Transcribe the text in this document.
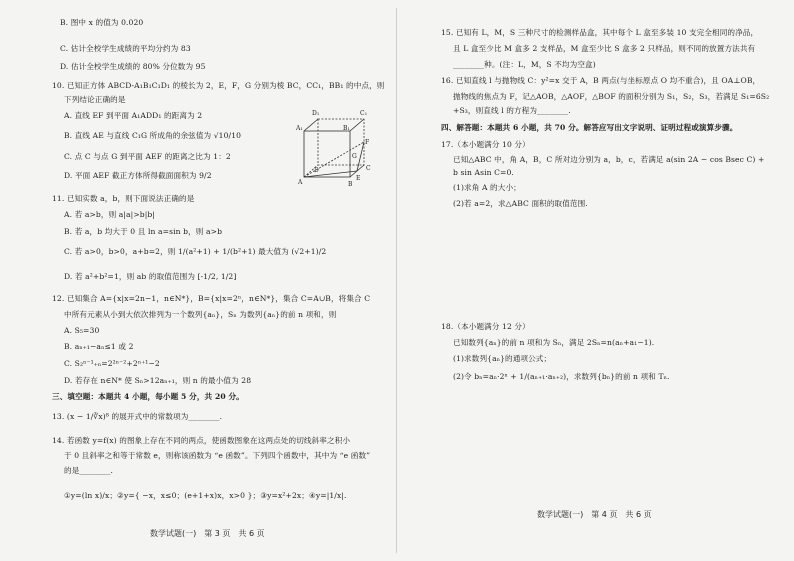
B. 图中 x 的值为 0.020
C. 估计全校学生成绩的平均分约为 83
D. 估计全校学生成绩的 80% 分位数为 95
10. 已知正方体 ABCD-A₁B₁C₁D₁ 的棱长为 2，E，F，G 分别为棱 BC，CC₁，BB₁ 的中点，则
下列结论正确的是
A. 直线 EF 到平面 A₁ADD₁ 的距离为 2
B. 直线 AE 与直线 C₁G 所成角的余弦值为 √10/10
C. 点 C 与点 G 到平面 AEF 的距离之比为 1：2
D. 平面 AEF 截正方体所得截面面积为 9/2
D₁	C₁
A₁	B₁
F
G
D	C
A
E
B
11. 已知实数 a，b，则下面说法正确的是
A. 若 a>b，则 a|a|>b|b|
B. 若 a，b 均大于 0 且 ln a=sin b，则 a>b
C. 若 a>0，b>0，a+b=2，则 1/(a²+1) + 1/(b²+1) 最大值为 (√2+1)/2
D. 若 a²+b²=1，则 ab 的取值范围为 [-1/2, 1/2]
12. 已知集合 A={x|x=2n−1，n∈N*}，B={x|x=2ⁿ，n∈N*}，集合 C=A∪B，将集合 C
中所有元素从小到大依次排列为一个数列{aₙ}，Sₙ 为数列{aₙ}的前 n 项和，则
A. S₅=30
B. aₙ₊₁−aₙ≤1 或 2
C. S₂ⁿ⁻¹₊ₙ=2²ⁿ⁻²+2ⁿ⁺¹−2
D. 若存在 n∈N* 使 Sₙ>12aₙ₊₁，则 n 的最小值为 28
三、填空题：本题共 4 小题，每小题 5 分，共 20 分。
13. (x − 1/∛x)⁸ 的展开式中的常数项为________.
14. 若函数 y=f(x) 的图象上存在不同的两点，使函数图象在这两点处的切线斜率之积小
于 0 且斜率之和等于常数 e，则称该函数为 “e 函数”。下列四个函数中，其中为 “e 函数”
的是________.
①y=(ln x)/x；②y={ −x，x≤0；(e+1+x)x，x>0 }；③y=x²+2x；④y=|1/x|.
数学试题(一)　第 3 页　共 6 页
15. 已知有 L，M，S 三种尺寸的检测样品盒，其中每个 L 盒至多装 10 支完全相同的净品，
且 L 盒至少比 M 盒多 2 支样品，M 盒至少比 S 盒多 2 只样品，则不同的放置方法共有
________种。(注：L，M，S 不均为空盒)
16. 已知直线 l 与抛物线 C：y²=x 交于 A，B 两点(与坐标原点 O 均不重合)，且 OA⊥OB，
抛物线的焦点为 F，记△AOB，△AOF，△BOF 的面积分别为 S₁，S₂，S₃，若满足 S₁=6S₂
+S₃，则直线 l 的方程为________.
四、解答题：本题共 6 小题，共 70 分。解答应写出文字说明、证明过程或演算步骤。
17.（本小题满分 10 分）
已知△ABC 中，角 A，B，C 所对边分别为 a，b，c，若满足 a(sin 2A − cos Bsec C) +
b sin Asin C=0.
(1)求角 A 的大小；
(2)若 a=2，求△ABC 面积的取值范围.
18.（本小题满分 12 分）
已知数列{aₙ}的前 n 项和为 Sₙ，满足 2Sₙ=n(aₙ+a₁−1).
(1)求数列{aₙ}的通项公式；
(2)令 bₙ=aₙ·2ⁿ + 1/(aₙ₊₁·aₙ₊₂)，求数列{bₙ}的前 n 项和 Tₙ.
数学试题(一)　第 4 页　共 6 页
